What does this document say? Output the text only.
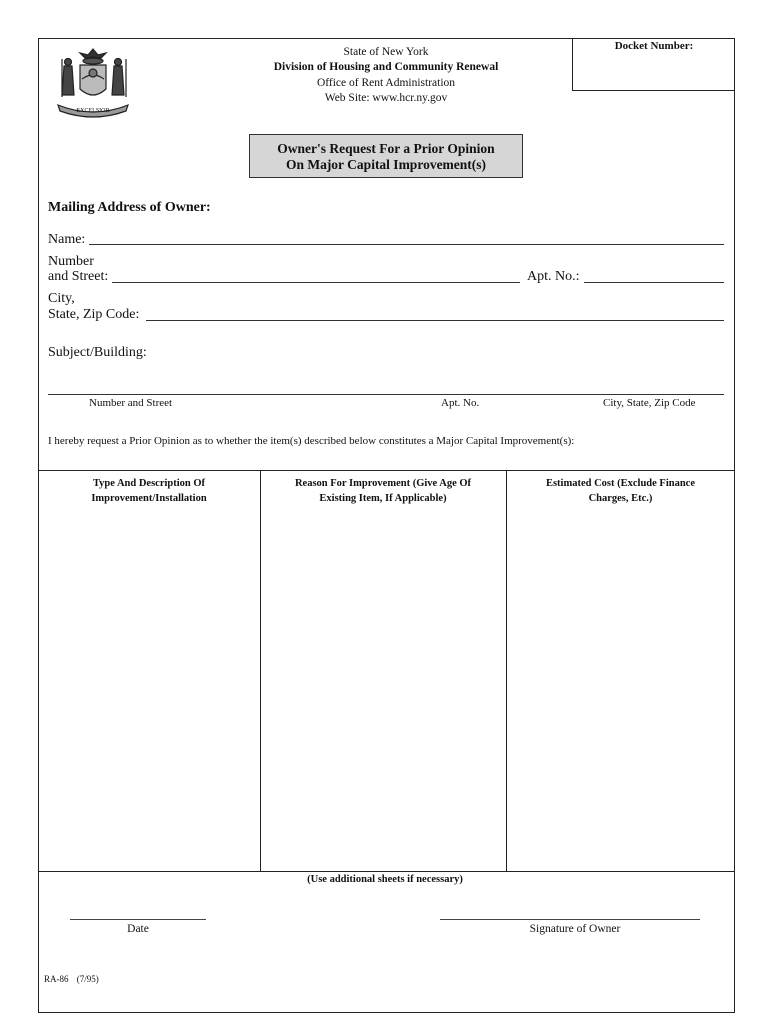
EXCELSIOR
State of New York
Division of Housing and Community Renewal
Office of Rent Administration
Web Site: www.hcr.ny.gov
Docket Number:
Owner's Request For a Prior Opinion
On Major Capital Improvement(s)
Mailing Address of Owner:
Name:
Number
and Street:	Apt. No.:
City,
State, Zip Code:
Subject/Building:
Number and Street	Apt. No.	City, State, Zip Code
I hereby request a Prior Opinion as to whether the item(s) described below constitutes a Major Capital Improvement(s):
Type And Description Of
Improvement/Installation
Reason For Improvement (Give Age Of
Existing Item, If Applicable)
Estimated Cost (Exclude Finance
Charges, Etc.)
(Use additional sheets if necessary)
Date	Signature of Owner
RA-86 (7/95)
